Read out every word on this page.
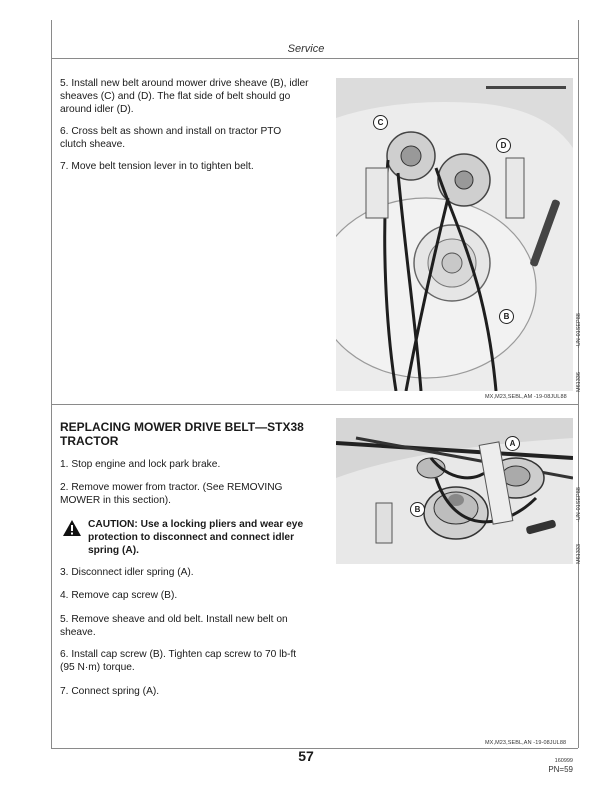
Service

5. Install new belt around mower drive sheave (B), idler sheaves (C) and (D). The flat side of belt should go around idler (D).

6. Cross belt as shown and install on tractor PTO clutch sheave.

7. Move belt tension lever in to tighten belt.

C
D
B	-UN-01SEP88
M61336
MX,M23,SEBL,AM -19-08JUL88
REPLACING MOWER DRIVE BELT—STX38
TRACTOR

1. Stop engine and lock park brake.

2. Remove mower from tractor. (See REMOVING MOWER in this section).

CAUTION: Use a locking pliers and wear eye protection to disconnect and connect idler spring (A).

3. Disconnect idler spring (A).

4. Remove cap screw (B).

5. Remove sheave and old belt. Install new belt on sheave.

6. Install cap screw (B). Tighten cap screw to 70 lb-ft (95 N·m) torque.

7. Connect spring (A).

A
B	-UN-01SEP88
M61333
MX,M23,SEBL,AN -19-08JUL88
57	160999
PN=59
